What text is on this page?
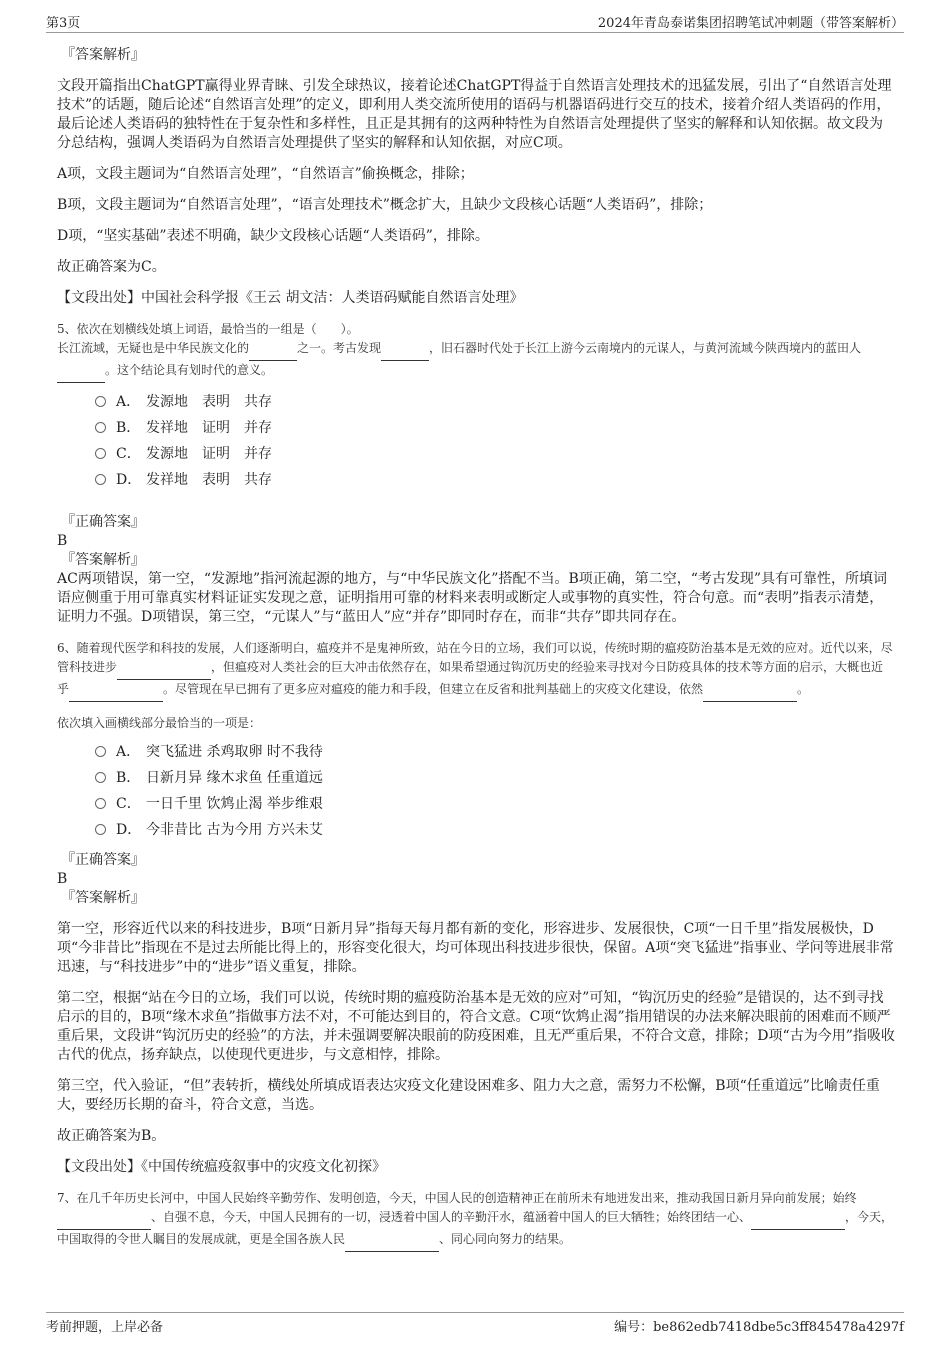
第3页	2024年青岛泰诺集团招聘笔试冲刺题（带答案解析）

『答案解析』

文段开篇指出ChatGPT赢得业界青睐、引发全球热议，接着论述ChatGPT得益于自然语言处理技术的迅猛发展，引出了“自然语言处理技术”的话题，随后论述“自然语言处理”的定义，即利用人类交流所使用的语码与机器语码进行交互的技术，接着介绍人类语码的作用，最后论述人类语码的独特性在于复杂性和多样性，且正是其拥有的这两种特性为自然语言处理提供了坚实的解释和认知依据。故文段为分总结构，强调人类语码为自然语言处理提供了坚实的解释和认知依据，对应C项。

A项，文段主题词为“自然语言处理”，“自然语言”偷换概念，排除；

B项，文段主题词为“自然语言处理”，“语言处理技术”概念扩大，且缺少文段核心话题“人类语码”，排除；

D项，“坚实基础”表述不明确，缺少文段核心话题“人类语码”，排除。

故正确答案为C。

【文段出处】中国社会科学报《王云 胡文洁：人类语码赋能自然语言处理》

5、依次在划横线处填上词语，最恰当的一组是（　　）。

长江流域，无疑也是中华民族文化的	之一。考古发现	，旧石器时代处于长江上游今云南境内的元谋人，与黄河流域今陕西境内的蓝田人。这个结论具有划时代的意义。

A． 发源地　表明　共存
B． 发祥地　证明　并存
C． 发源地　证明　并存
D． 发祥地　表明　共存

『正确答案』

B

『答案解析』

AC两项错误，第一空，“发源地”指河流起源的地方，与“中华民族文化”搭配不当。B项正确，第二空，“考古发现”具有可靠性，所填词语应侧重于用可靠真实材料证证实发现之意，证明指用可靠的材料来表明或断定人或事物的真实性，符合句意。而“表明”指表示清楚，证明力不强。D项错误，第三空，“元谋人”与“蓝田人”应“并存”即同时存在，而非“共存”即共同存在。

6、随着现代医学和科技的发展，人们逐渐明白，瘟疫并不是鬼神所致，站在今日的立场，我们可以说，传统时期的瘟疫防治基本是无效的应对。近代以来，尽管科技进步	，但瘟疫对人类社会的巨大冲击依然存在，如果希望通过钩沉历史的经验来寻找对今日防疫具体的技术等方面的启示，大概也近乎	。尽管现在早已拥有了更多应对瘟疫的能力和手段，但建立在反省和批判基础上的灾疫文化建设，依然	。

依次填入画横线部分最恰当的一项是：

A． 突飞猛进 杀鸡取卵 时不我待
B． 日新月异 缘木求鱼 任重道远
C． 一日千里 饮鸩止渴 举步维艰
D． 今非昔比 古为今用 方兴未艾

『正确答案』

B

『答案解析』

第一空，形容近代以来的科技进步，B项“日新月异”指每天每月都有新的变化，形容进步、发展很快，C项“一日千里”指发展极快，D项“今非昔比”指现在不是过去所能比得上的，形容变化很大，均可体现出科技进步很快，保留。A项“突飞猛进”指事业、学问等进展非常迅速，与“科技进步”中的“进步”语义重复，排除。

第二空，根据“站在今日的立场，我们可以说，传统时期的瘟疫防治基本是无效的应对”可知，“钩沉历史的经验”是错误的，达不到寻找启示的目的，B项“缘木求鱼”指做事方法不对，不可能达到目的，符合文意。C项“饮鸩止渴”指用错误的办法来解决眼前的困难而不顾严重后果，文段讲“钩沉历史的经验”的方法，并未强调要解决眼前的防疫困难，且无严重后果，不符合文意，排除；D项“古为今用”指吸收古代的优点，扬弃缺点，以使现代更进步，与文意相悖，排除。

第三空，代入验证，“但”表转折，横线处所填成语表达灾疫文化建设困难多、阻力大之意，需努力不松懈，B项“任重道远”比喻责任重大，要经历长期的奋斗，符合文意，当选。

故正确答案为B。

【文段出处】《中国传统瘟疫叙事中的灾疫文化初探》

7、在几千年历史长河中，中国人民始终辛勤劳作、发明创造，今天，中国人民的创造精神正在前所未有地迸发出来，推动我国日新月异向前发展；始终、自强不息，今天，中国人民拥有的一切，浸透着中国人的辛勤汗水，蕴涵着中国人的巨大牺牲；始终团结一心、	，今天，中国取得的令世人瞩目的发展成就，更是全国各族人民	、同心同向努力的结果。

考前押题，上岸必备	编号：be862edb7418dbe5c3ff845478a4297f
